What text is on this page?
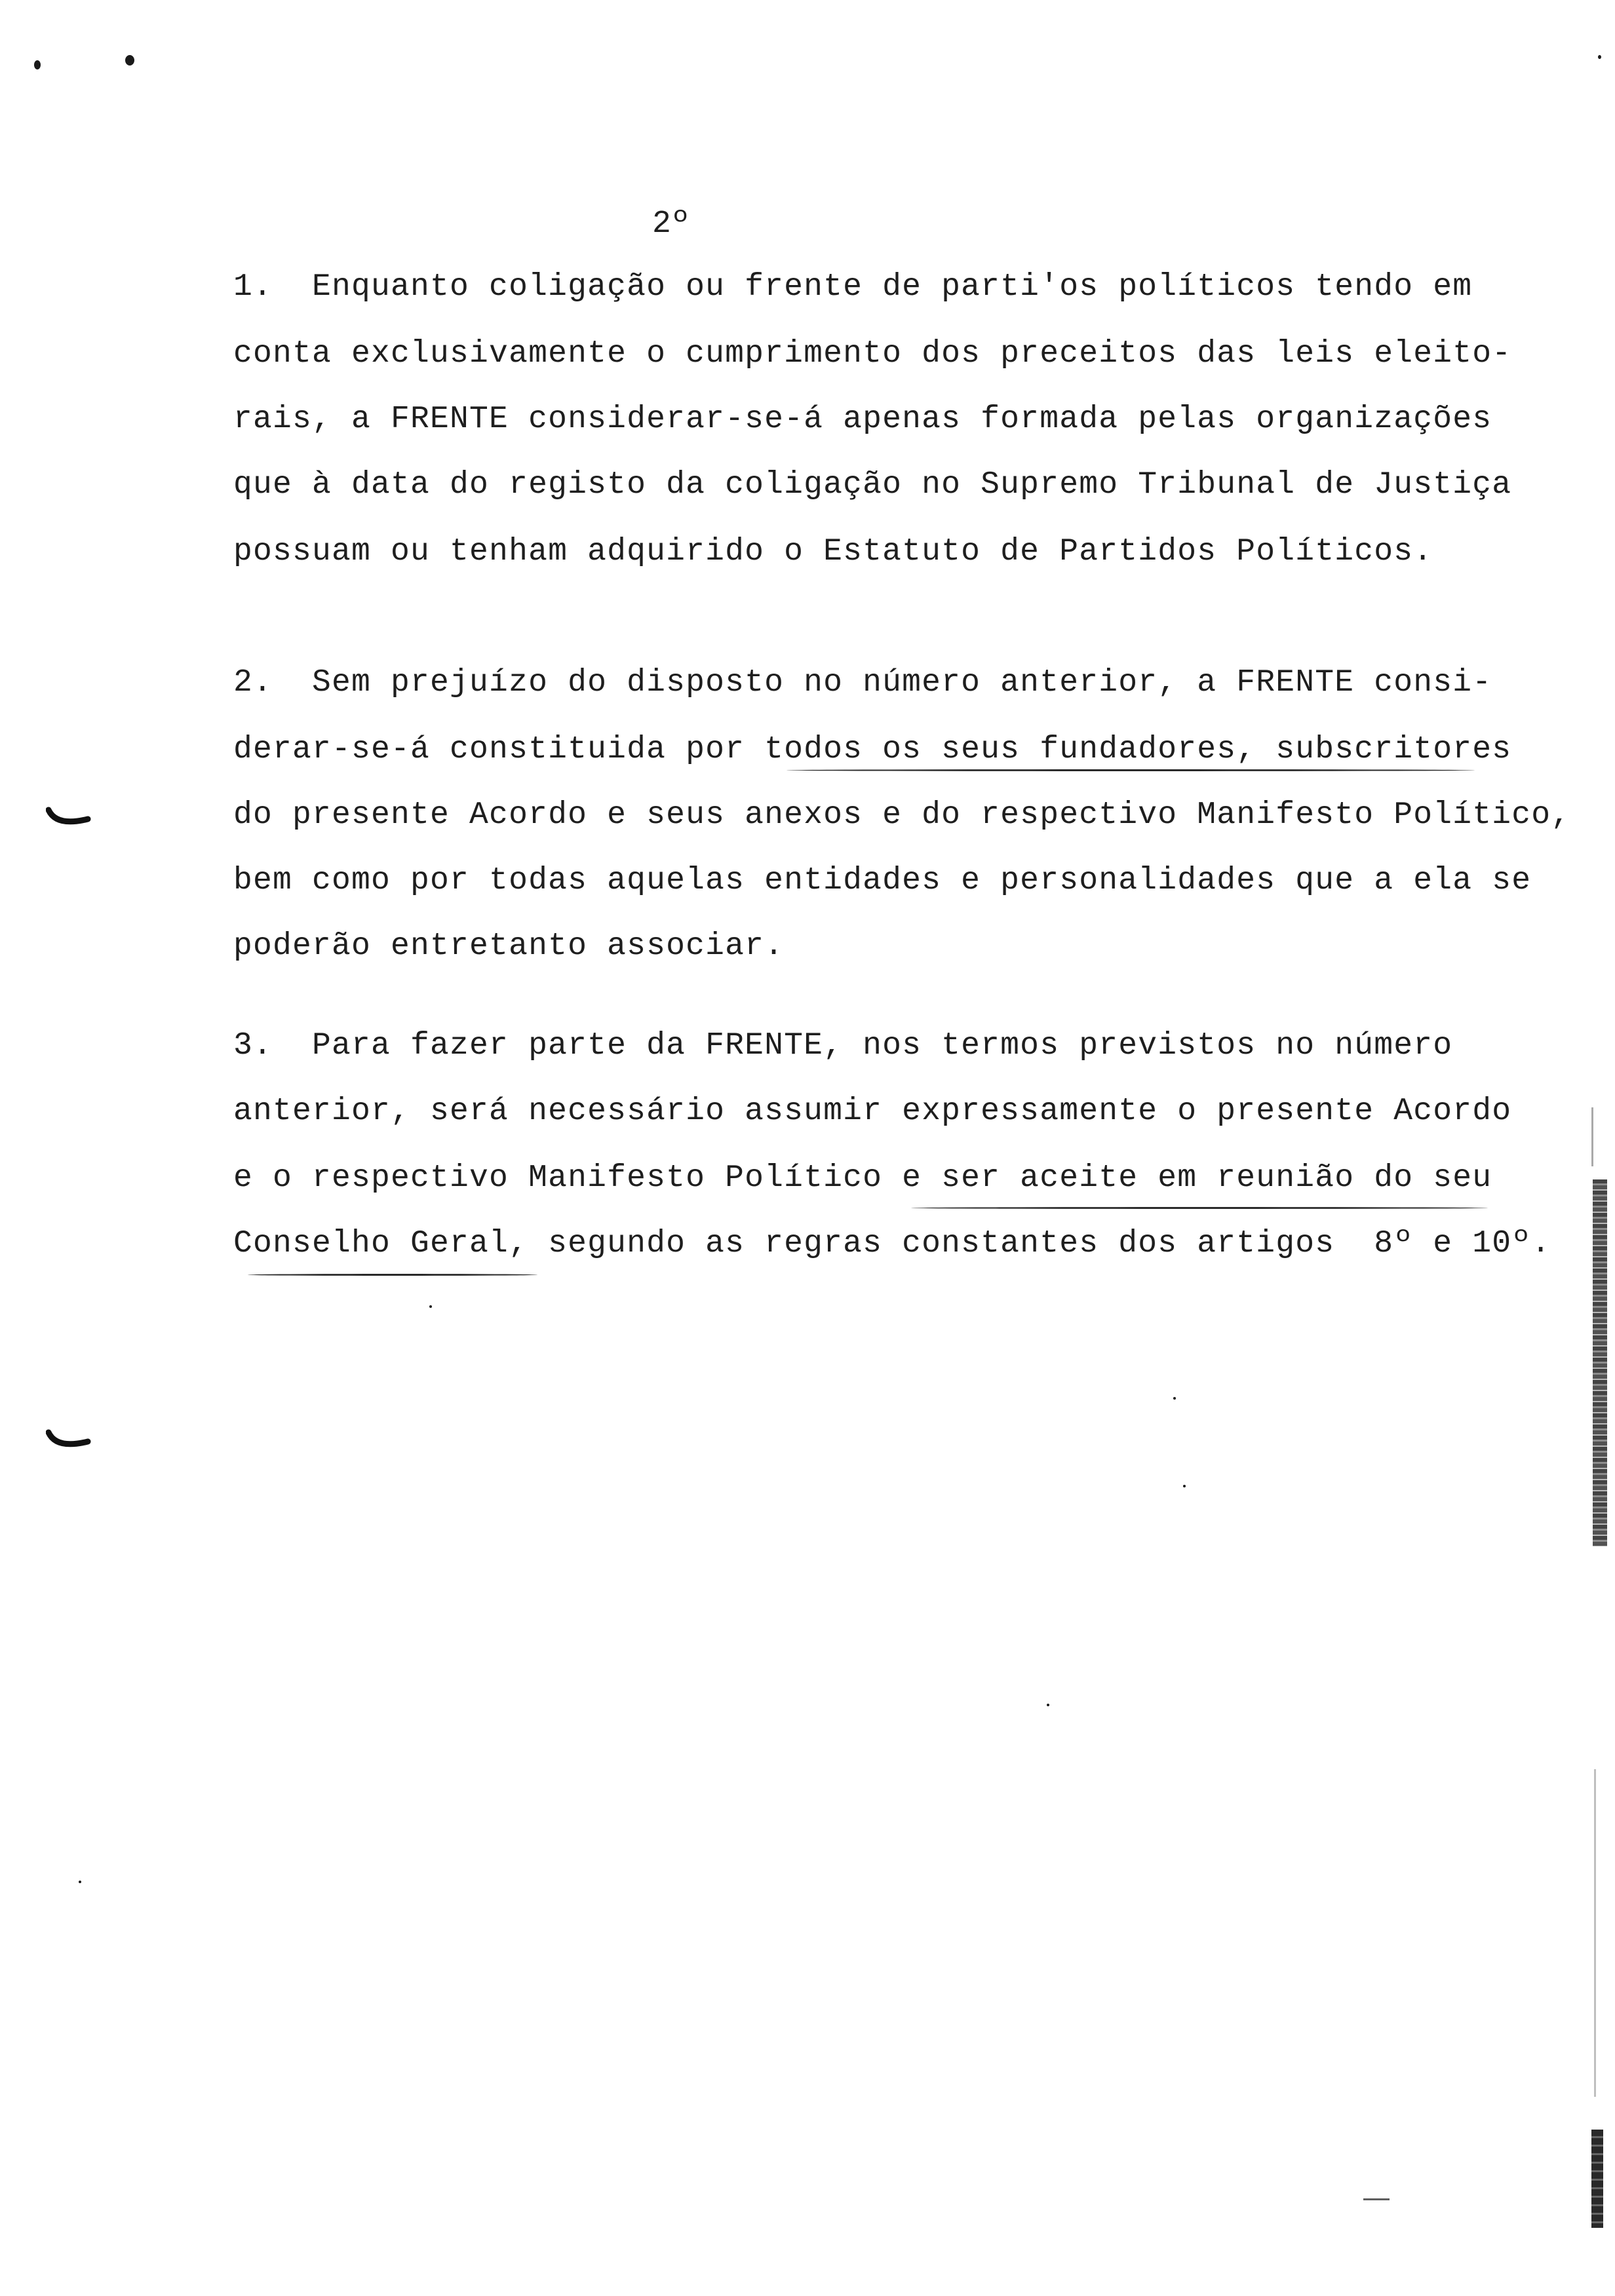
2º
1.  Enquanto coligação ou frente de parti'os políticos tendo em
conta exclusivamente o cumprimento dos preceitos das leis eleito-
rais, a FRENTE considerar-se-á apenas formada pelas organizações
que à data do registo da coligação no Supremo Tribunal de Justiça
possuam ou tenham adquirido o Estatuto de Partidos Políticos.
2.  Sem prejuízo do disposto no número anterior, a FRENTE consi-
derar-se-á constituida por todos os seus fundadores, subscritores
do presente Acordo e seus anexos e do respectivo Manifesto Político,
bem como por todas aquelas entidades e personalidades que a ela se
poderão entretanto associar.
3.  Para fazer parte da FRENTE, nos termos previstos no número
anterior, será necessário assumir expressamente o presente Acordo
e o respectivo Manifesto Político e ser aceite em reunião do seu
Conselho Geral, segundo as regras constantes dos artigos  8º e 10º.
